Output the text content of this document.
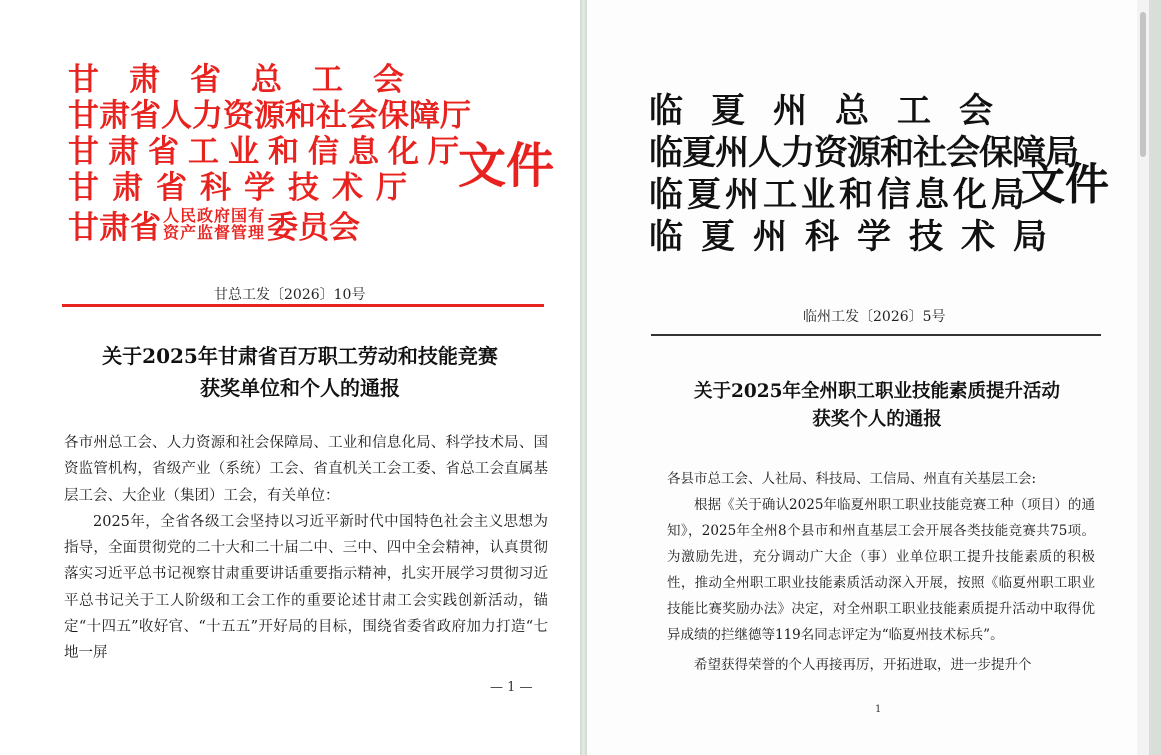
甘肃省总工会
甘肃省人力资源和社会保障厅
甘肃省工业和信息化厅
甘肃省科学技术厅
甘肃省 人民政府国有
资产监督管理 委员会
文件
甘总工发〔2026〕10号
关于2025年甘肃省百万职工劳动和技能竞赛
获奖单位和个人的通报

各市州总工会、人力资源和社会保障局、工业和信息化局、科学技术局、国资监管机构，省级产业（系统）工会、省直机关工会工委、省总工会直属基层工会、大企业（集团）工会，有关单位：

2025年，全省各级工会坚持以习近平新时代中国特色社会主义思想为指导，全面贯彻党的二十大和二十届二中、三中、四中全会精神，认真贯彻落实习近平总书记视察甘肃重要讲话重要指示精神，扎实开展学习贯彻习近平总书记关于工人阶级和工会工作的重要论述甘肃工会实践创新活动，锚定“十四五”收好官、“十五五”开好局的目标，围绕省委省政府加力打造“七地一屏

— 1 —
临夏州总工会
临夏州人力资源和社会保障局
临夏州工业和信息化局
临夏州科学技术局
文件
临州工发〔2026〕5号
关于2025年全州职工职业技能素质提升活动
获奖个人的通报

各县市总工会、人社局、科技局、工信局、州直有关基层工会:

根据《关于确认2025年临夏州职工职业技能竞赛工种（项目）的通知》，2025年全州8个县市和州直基层工会开展各类技能竞赛共75项。为激励先进，充分调动广大企（事）业单位职工提升技能素质的积极性，推动全州职工职业技能素质活动深入开展，按照《临夏州职工职业技能比赛奖励办法》决定，对全州职工职业技能素质提升活动中取得优异成绩的拦继德等119名同志评定为“临夏州技术标兵”。

希望获得荣誉的个人再接再厉，开拓进取，进一步提升个

1
